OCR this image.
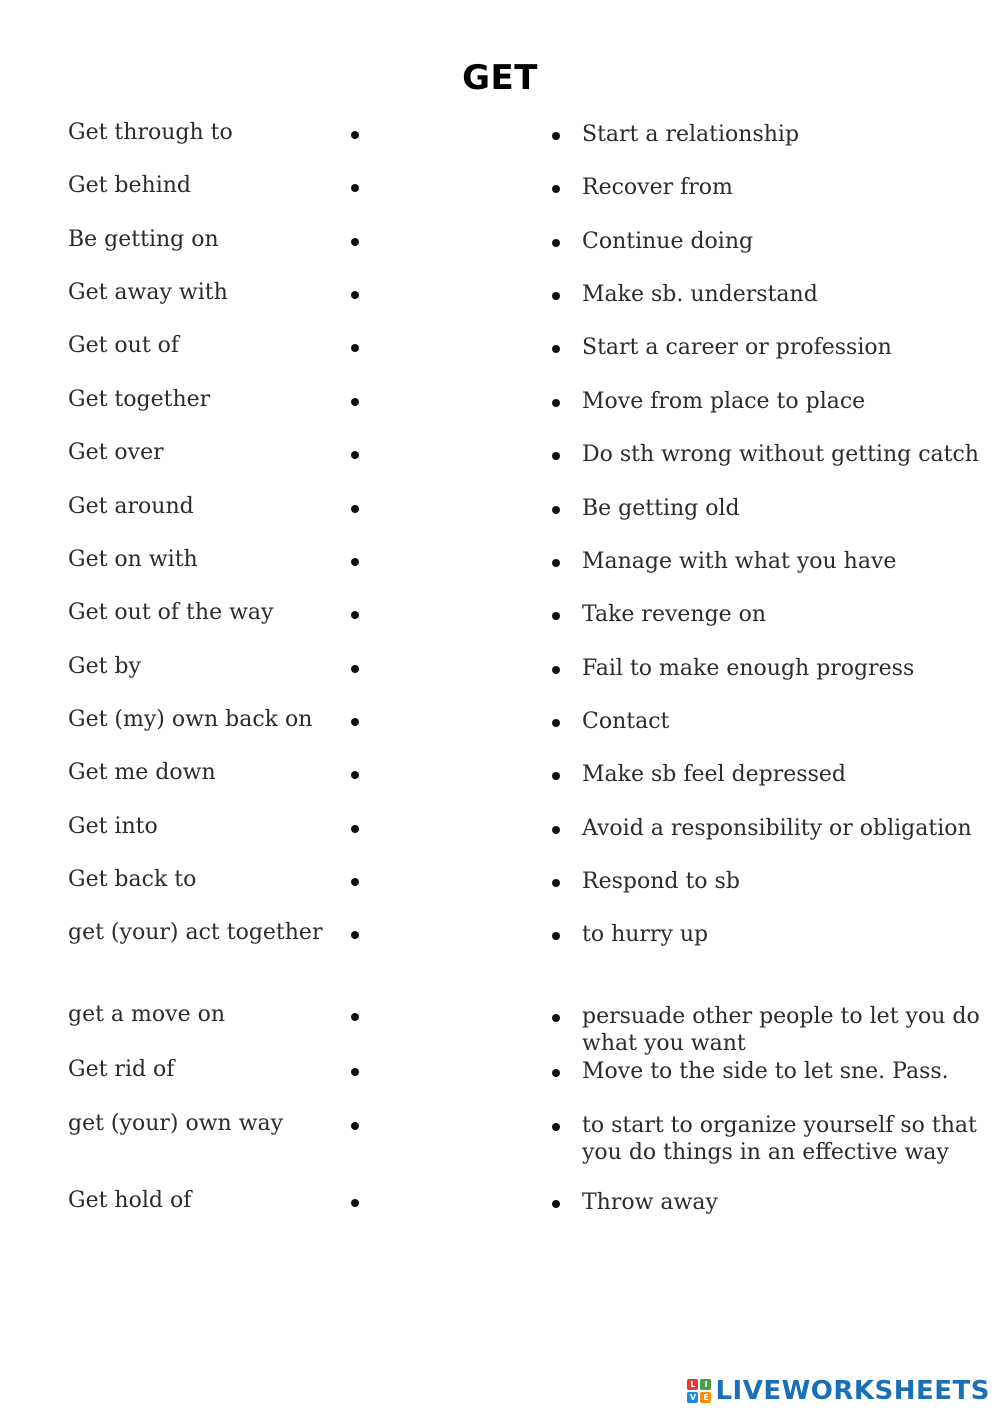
GET
Get through to	Start a relationship
Get behind	Recover from
Be getting on	Continue doing
Get away with	Make sb. understand
Get out of	Start a career or profession
Get together	Move from place to place
Get over	Do sth wrong without getting catch
Get around	Be getting old
Get on with	Manage with what you have
Get out of the way	Take revenge on
Get by	Fail to make enough progress
Get (my) own back on	Contact
Get me down	Make sb feel depressed
Get into	Avoid a responsibility or obligation
Get back to	Respond to sb
get (your) act together	to hurry up
get a move on	persuade other people to let you do what you want
Get rid of	Move to the side to let sne. Pass.
get (your) own way	to start to organize yourself so that you do things in an effective way
Get hold of	Throw away
L	I
V E LIVEWORKSHEETS
